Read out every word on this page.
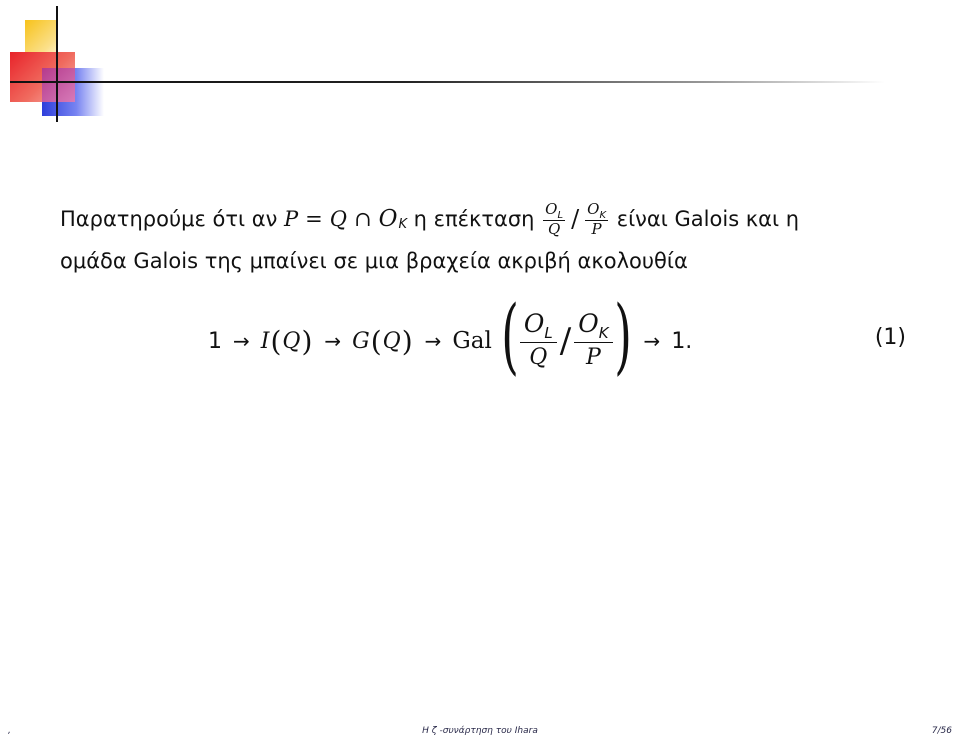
Παρατηρούμε ότι αν
P = Q ∩ O K
η επέκταση
$\frac{O_L}{Q} / \frac{O_K}{P}$
είναι Galois και η
ομάδα Galois της μπαίνει σε μια βραχεία ακριβή ακολουθία
1 → I ( Q ) → G ( Q ) → Gal ( $\frac{O_L}{Q} / \frac{O_K}{P}$ ) → 1.	(1)
,	Η ζ -συνάρτηση του Ihara	7/56
